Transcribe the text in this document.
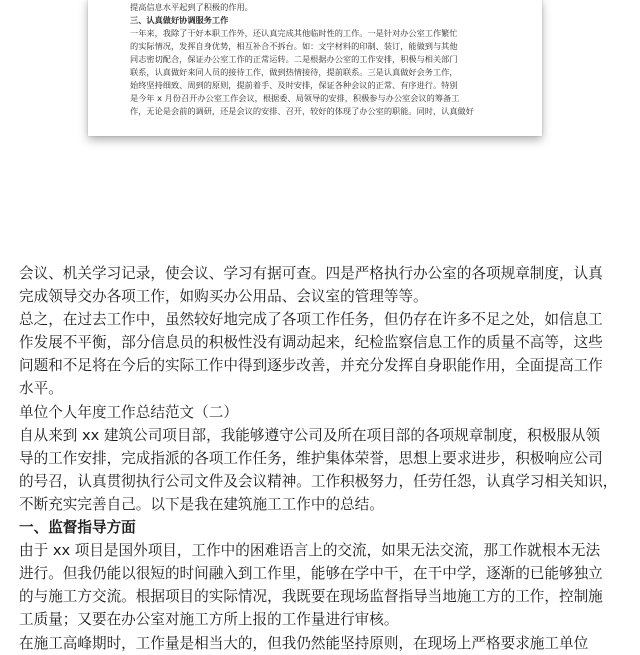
提高信息水平起到了积极的作用。

三、认真做好协调服务工作

一年来，我除了干好本职工作外，还认真完成其他临时性的工作。一是针对办公室工作繁忙

的实际情况，发挥自身优势，相互补合不拆台。如：文字材料的印制、装订，能做到与其他

同志密切配合，保证办公室工作的正常运转。二是根据办公室的工作安排，积极与相关部门

联系，认真做好来同人员的接待工作，做到热情接待，提前联系。三是认真做好会务工作，

始终坚持细致、周到的原则，提前着手、及时安排，保证各种会议的正常、有序进行。特别

是今年 x 月份召开办公室工作会议，根据委、局领导的安排，积极参与办公室会议的筹备工

作，无论是会前的调研，还是会议的安排、召开，较好的体现了办公室的职能。同时，认真做好

会议、机关学习记录，使会议、学习有据可查。四是严格执行办公室的各项规章制度，认真

完成领导交办各项工作，如购买办公用品、会议室的管理等等。

总之，在过去工作中，虽然较好地完成了各项工作任务，但仍存在许多不足之处，如信息工

作发展不平衡，部分信息员的积极性没有调动起来，纪检监察信息工作的质量不高等，这些

问题和不足将在今后的实际工作中得到逐步改善，并充分发挥自身职能作用，全面提高工作

水平。

单位个人年度工作总结范文（二）

自从来到 xx 建筑公司项目部，我能够遵守公司及所在项目部的各项规章制度，积极服从领

导的工作安排，完成指派的各项工作任务，维护集体荣誉，思想上要求进步，积极响应公司

的号召，认真贯彻执行公司文件及会议精神。工作积极努力，任劳任怨，认真学习相关知识，

不断充实完善自己。以下是我在建筑施工工作中的总结。

一、监督指导方面

由于 xx 项目是国外项目，工作中的困难语言上的交流，如果无法交流，那工作就根本无法

进行。但我仍能以很短的时间融入到工作里，能够在学中干，在干中学，逐渐的已能够独立

的与施工方交流。根据项目的实际情况，我既要在现场监督指导当地施工方的工作，控制施

工质量；又要在办公室对施工方所上报的工作量进行审核。

在施工高峰期时，工作量是相当大的，但我仍然能坚持原则，在现场上严格要求施工单位
